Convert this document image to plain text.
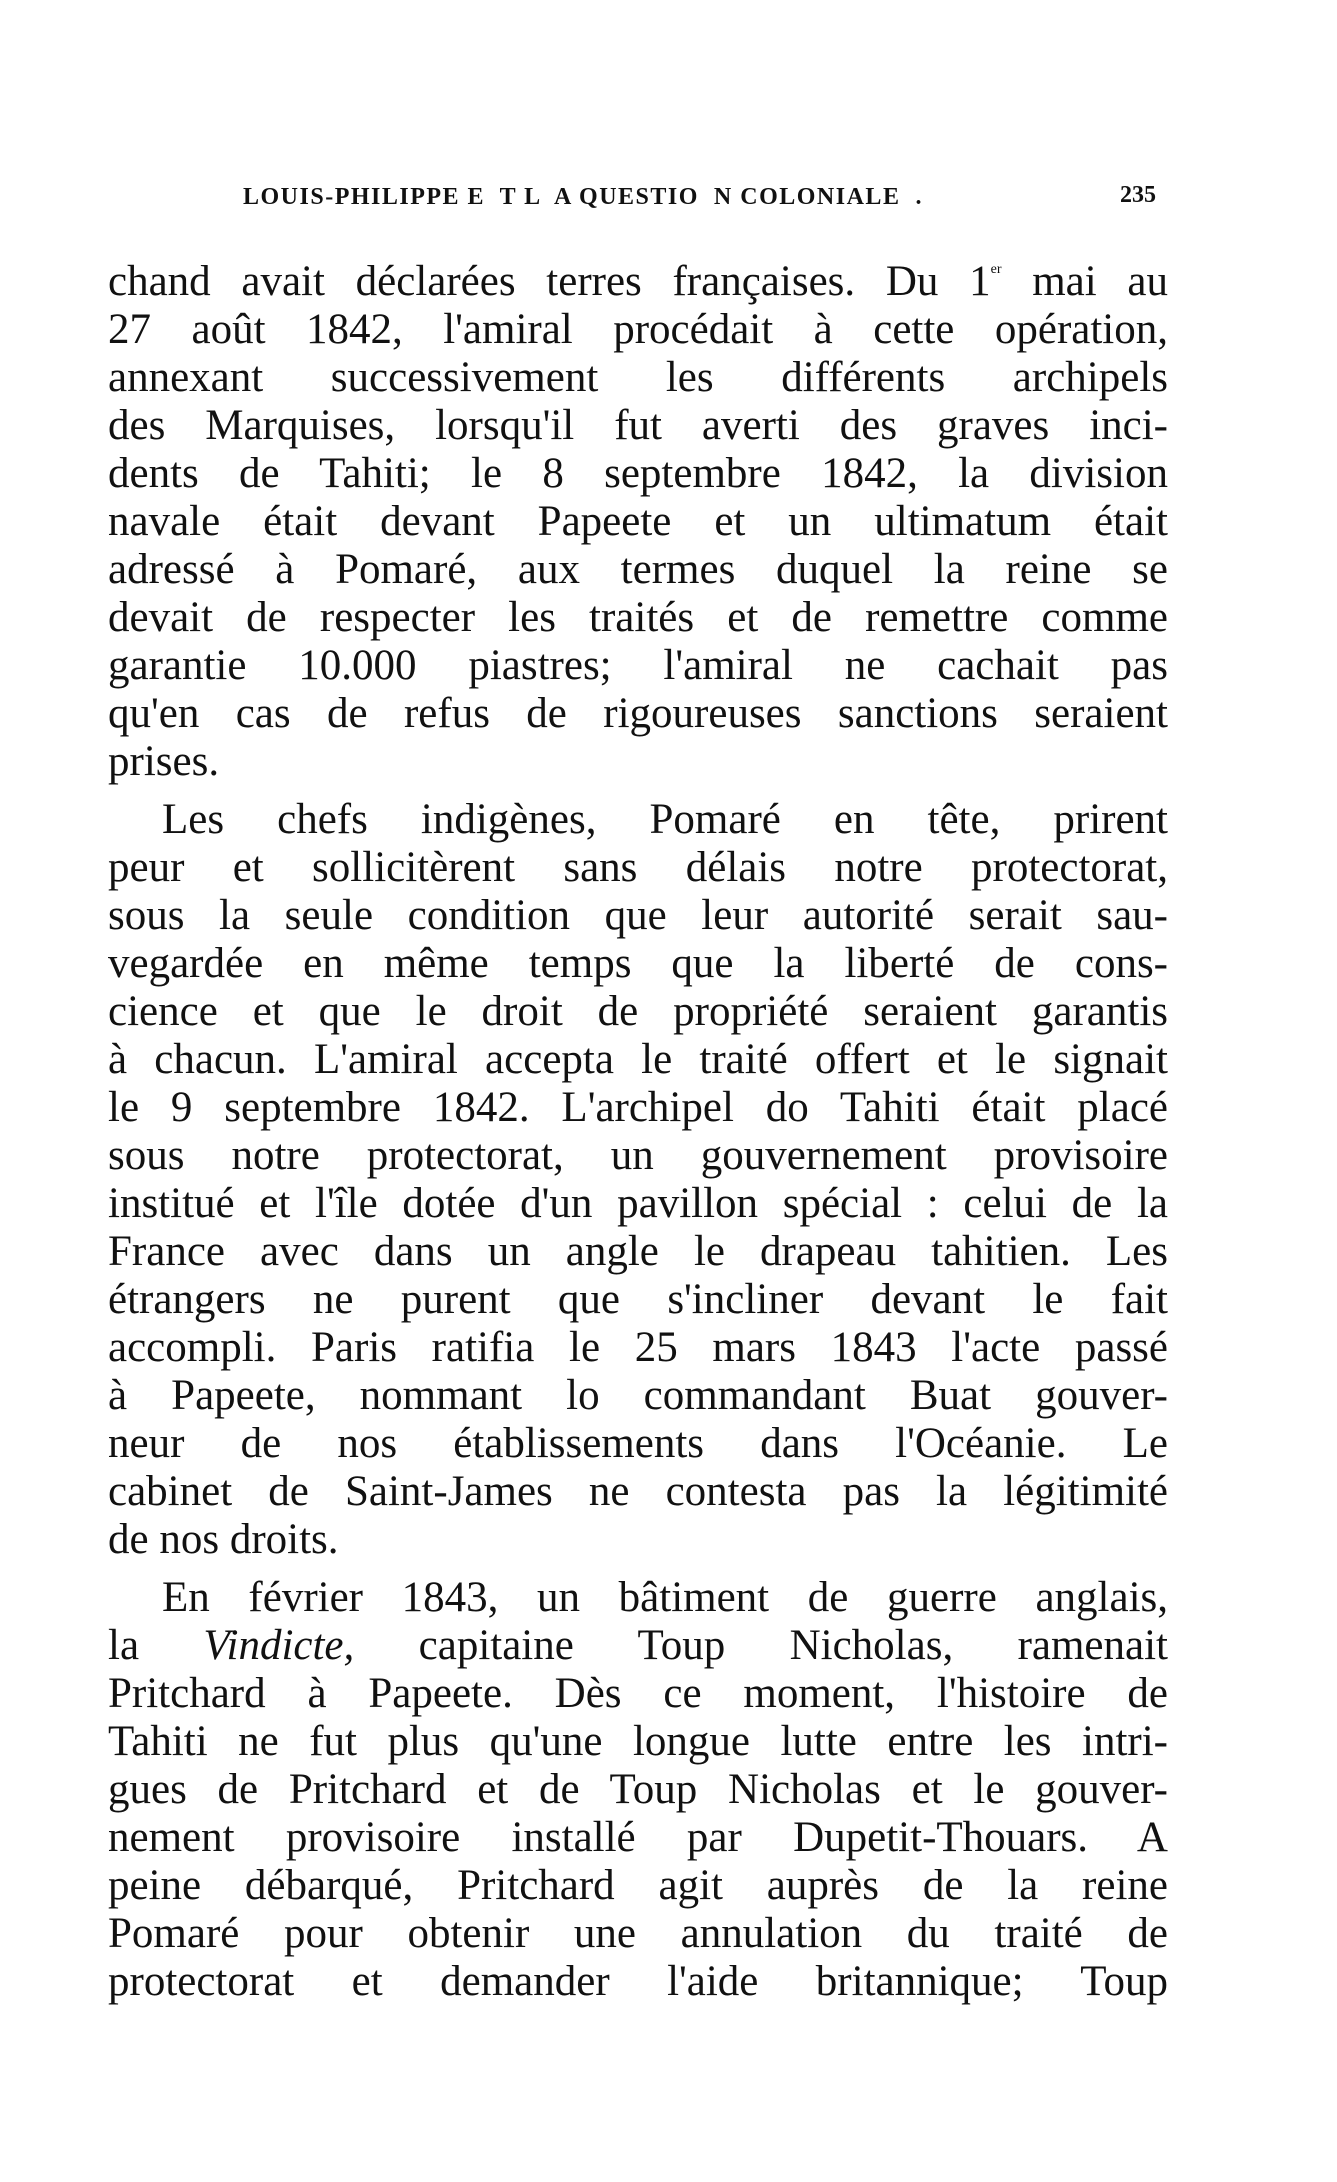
LOUIS-PHILIPPE E  T L  A QUESTIO  N COLONIALE  .	235
chand avait déclarées terres françaises. Du 1er mai au
27 août 1842, l'amiral procédait à cette opération,
annexant successivement les différents archipels
des Marquises, lorsqu'il fut averti des graves inci-
dents de Tahiti; le 8 septembre 1842, la division
navale était devant Papeete et un ultimatum était
adressé à Pomaré, aux termes duquel la reine se
devait de respecter les traités et de remettre comme
garantie 10.000 piastres; l'amiral ne cachait pas
qu'en cas de refus de rigoureuses sanctions seraient
prises.
Les chefs indigènes, Pomaré en tête, prirent
peur et sollicitèrent sans délais notre protectorat,
sous la seule condition que leur autorité serait sau-
vegardée en même temps que la liberté de cons-
cience et que le droit de propriété seraient garantis
à chacun. L'amiral accepta le traité offert et le signait
le 9 septembre 1842. L'archipel do Tahiti était placé
sous notre protectorat, un gouvernement provisoire
institué et l'île dotée d'un pavillon spécial : celui de la
France avec dans un angle le drapeau tahitien. Les
étrangers ne purent que s'incliner devant le fait
accompli. Paris ratifia le 25 mars 1843 l'acte passé
à Papeete, nommant lo commandant Buat gouver-
neur de nos établissements dans l'Océanie. Le
cabinet de Saint-James ne contesta pas la légitimité
de nos droits.
En février 1843, un bâtiment de guerre anglais,
la Vindicte, capitaine Toup Nicholas, ramenait
Pritchard à Papeete. Dès ce moment, l'histoire de
Tahiti ne fut plus qu'une longue lutte entre les intri-
gues de Pritchard et de Toup Nicholas et le gouver-
nement provisoire installé par Dupetit-Thouars. A
peine débarqué, Pritchard agit auprès de la reine
Pomaré pour obtenir une annulation du traité de
protectorat et demander l'aide britannique; Toup
